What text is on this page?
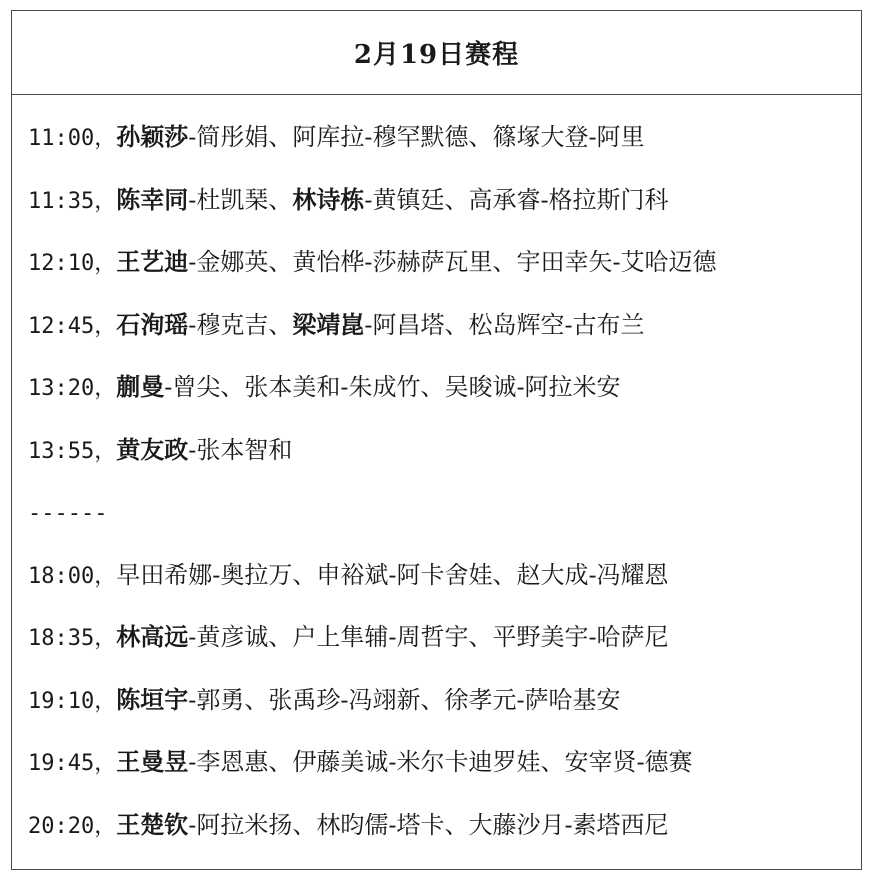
2月19日赛程
11:00，孙颖莎-简彤娟、阿库拉-穆罕默德、篠塚大登-阿里
11:35，陈幸同-杜凯琹、林诗栋-黄镇廷、高承睿-格拉斯门科
12:10，王艺迪-金娜英、黄怡桦-莎赫萨瓦里、宇田幸矢-艾哈迈德
12:45，石洵瑶-穆克吉、梁靖崑-阿昌塔、松岛辉空-古布兰
13:20，蒯曼-曾尖、张本美和-朱成竹、吴晙诚-阿拉米安
13:55，黄友政-张本智和
------
18:00，早田希娜-奥拉万、申裕斌-阿卡舍娃、赵大成-冯耀恩
18:35，林高远-黄彦诚、户上隼辅-周哲宇、平野美宇-哈萨尼
19:10，陈垣宇-郭勇、张禹珍-冯翊新、徐孝元-萨哈基安
19:45，王曼昱-李恩惠、伊藤美诚-米尔卡迪罗娃、安宰贤-德赛
20:20，王楚钦-阿拉米扬、林昀儒-塔卡、大藤沙月-素塔西尼
